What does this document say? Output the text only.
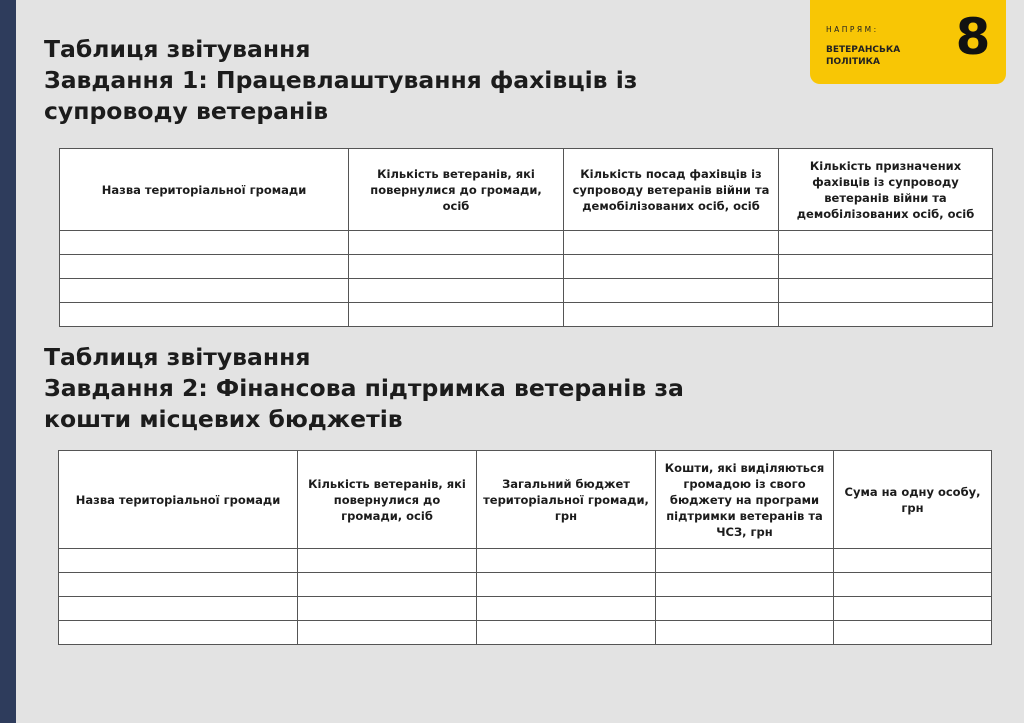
НАПРЯМ:
ВЕТЕРАНСЬКА ПОЛІТИКА	8
Таблиця звітування
Завдання 1: Працевлаштування фахівців із
супроводу ветеранів
Назва територіальної громади	Кількість ветеранів, які повернулися до громади, осіб	Кількість посад фахівців із супроводу ветеранів війни та демобілізованих осіб, осіб	Кількість призначених фахівців із супроводу ветеранів війни та демобілізованих осіб, осіб

Таблиця звітування
Завдання 2: Фінансова підтримка ветеранів за
кошти місцевих бюджетів
Назва територіальної громади	Кількість ветеранів, які повернулися до громади, осіб	Загальний бюджет територіальної громади, грн	Кошти, які виділяються громадою із свого бюджету на програми підтримки ветеранів та ЧСЗ, грн	Сума на одну особу, грн
